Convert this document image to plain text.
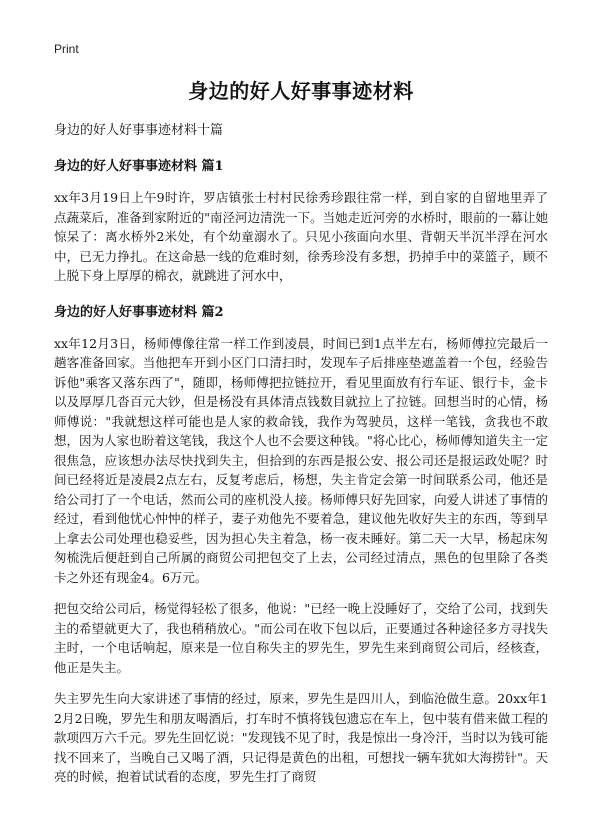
Print
身边的好人好事事迹材料
身边的好人好事事迹材料十篇
身边的好人好事事迹材料 篇1

xx年3月19日上午9时许，罗店镇张士村村民徐秀珍跟往常一样，到自家的自留地里弄了点蔬菜后，准备到家附近的"南泾河边清洗一下。当她走近河旁的水桥时，眼前的一幕让她惊呆了：离水桥外2米处，有个幼童溺水了。只见小孩面向水里、背朝天半沉半浮在河水中，已无力挣扎。在这命悬一线的危难时刻，徐秀珍没有多想，扔掉手中的菜篮子，顾不上脱下身上厚厚的棉衣，就跳进了河水中，

身边的好人好事事迹材料 篇2

xx年12月3日，杨师傅像往常一样工作到凌晨，时间已到1点半左右，杨师傅拉完最后一趟客准备回家。当他把车开到小区门口清扫时，发现车子后排座垫遮盖着一个包，经验告诉他"乘客又落东西了"，随即，杨师傅把拉链拉开，看见里面放有行车证、银行卡，金卡以及厚厚几沓百元大钞，但是杨没有具体清点钱数目就拉上了拉链。回想当时的心情，杨师傅说："我就想这样可能也是人家的救命钱，我作为驾驶员，这样一笔钱，贪我也不敢想，因为人家也盼着这笔钱，我这个人也不会要这种钱。"将心比心，杨师傅知道失主一定很焦急，应该想办法尽快找到失主，但拾到的东西是报公安、报公司还是报运政处呢？时间已经将近是凌晨2点左右，反复考虑后，杨想，失主肯定会第一时间联系公司，他还是给公司打了一个电话，然而公司的座机没人接。杨师傅只好先回家，向爱人讲述了事情的经过，看到他忧心忡忡的样子，妻子劝他先不要着急，建议他先收好失主的东西，等到早上拿去公司处理也稳妥些，因为担心失主着急，杨一夜未睡好。第二天一大早，杨起床匆匆梳洗后便赶到自己所属的商贸公司把包交了上去，公司经过清点，黑色的包里除了各类卡之外还有现金4。6万元。

把包交给公司后，杨觉得轻松了很多，他说："已经一晚上没睡好了，交给了公司，找到失主的希望就更大了，我也稍稍放心。"而公司在收下包以后，正要通过各种途径多方寻找失主时，一个电话响起，原来是一位自称失主的罗先生，罗先生来到商贸公司后，经核查，他正是失主。

失主罗先生向大家讲述了事情的经过，原来，罗先生是四川人，到临沧做生意。20xx年12月2日晚，罗先生和朋友喝酒后，打车时不慎将钱包遗忘在车上，包中装有借来做工程的款项四万六千元。罗先生回忆说："发现钱不见了时，我是惊出一身冷汗，当时以为钱可能找不回来了，当晚自己又喝了酒，只记得是黄色的出租，可想找一辆车犹如大海捞针"。天亮的时候，抱着试试看的态度，罗先生打了商贸
